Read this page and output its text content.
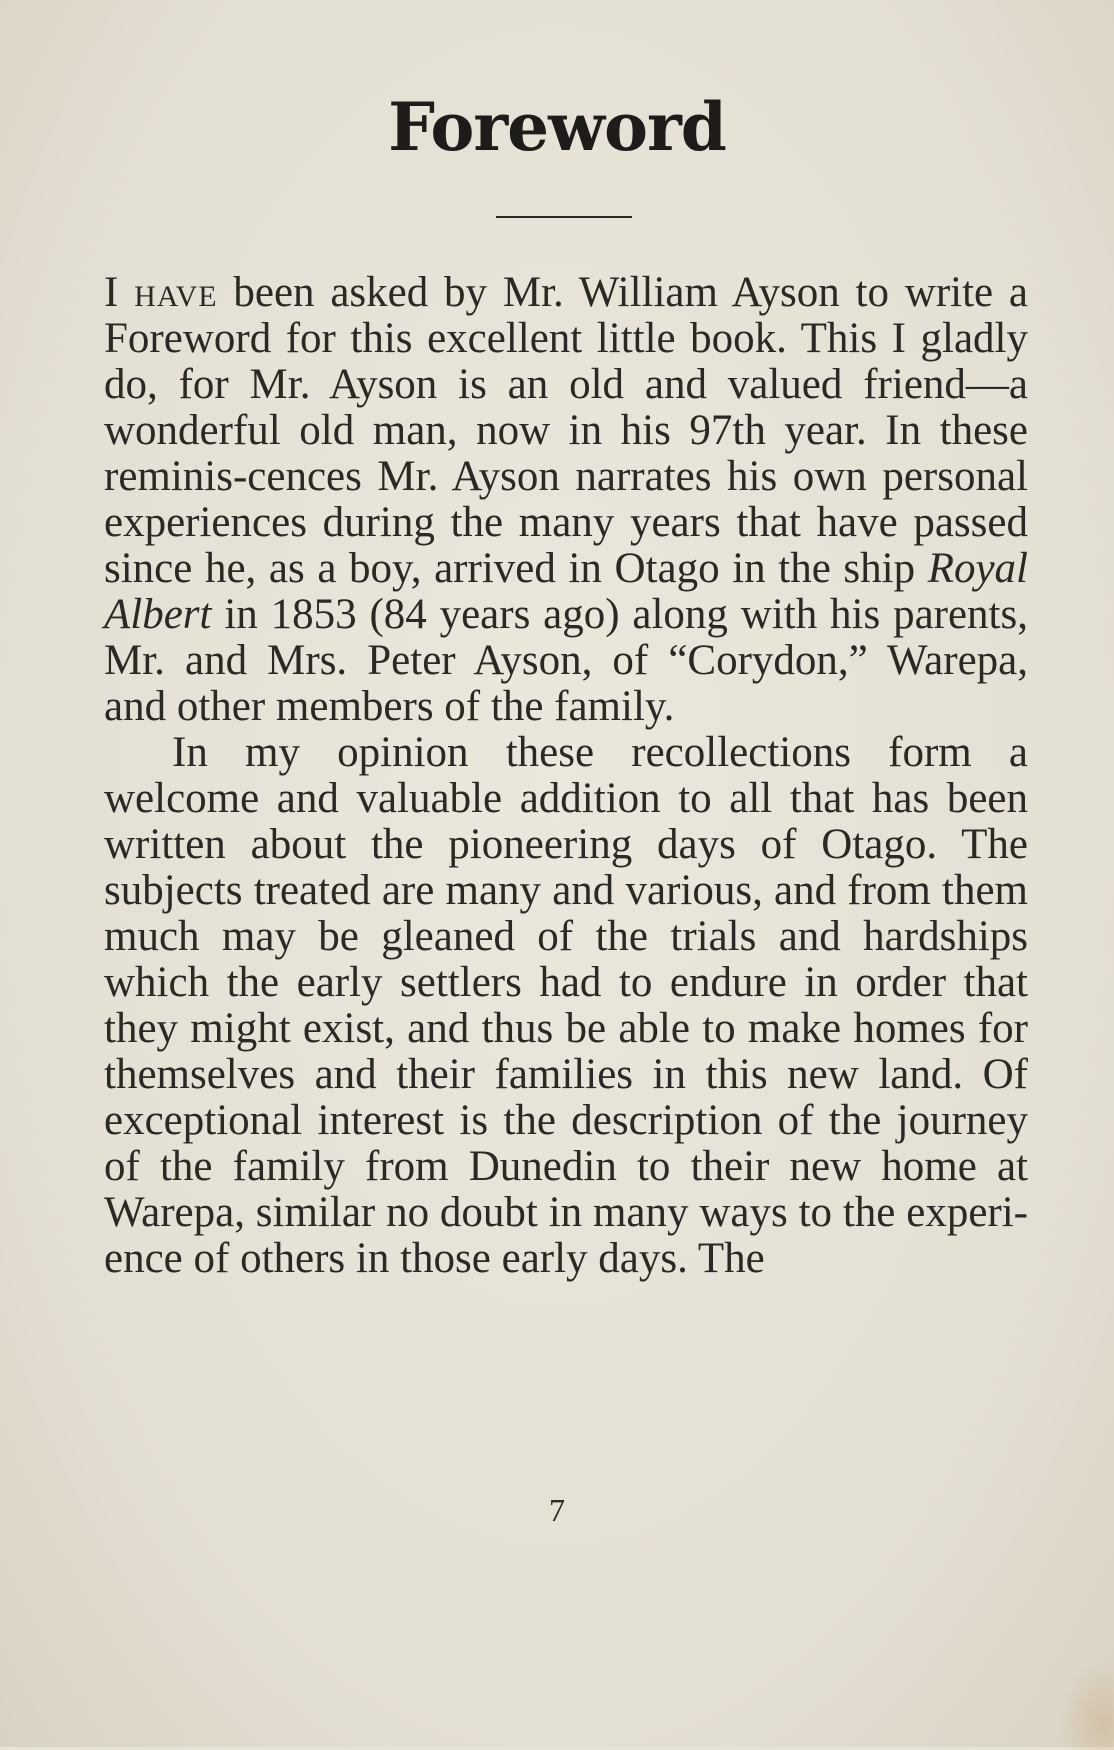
Foreword

I have been asked by Mr. William Ayson to write a Foreword for this excellent little book. This I gladly do, for Mr. Ayson is an old and valued friend—a wonderful old man, now in his 97th year. In these reminis-cences Mr. Ayson narrates his own personal experiences during the many years that have passed since he, as a boy, arrived in Otago in the ship Royal Albert in 1853 (84 years ago) along with his parents, Mr. and Mrs. Peter Ayson, of “Corydon,” Warepa, and other members of the family.

In my opinion these recollections form a welcome and valuable addition to all that has been written about the pioneering days of Otago. The subjects treated are many and various, and from them much may be gleaned of the trials and hardships which the early settlers had to endure in order that they might exist, and thus be able to make homes for themselves and their families in this new land. Of exceptional interest is the description of the journey of the family from Dunedin to their new home at Warepa, similar no doubt in many ways to the experi-ence of others in those early days. The

7
